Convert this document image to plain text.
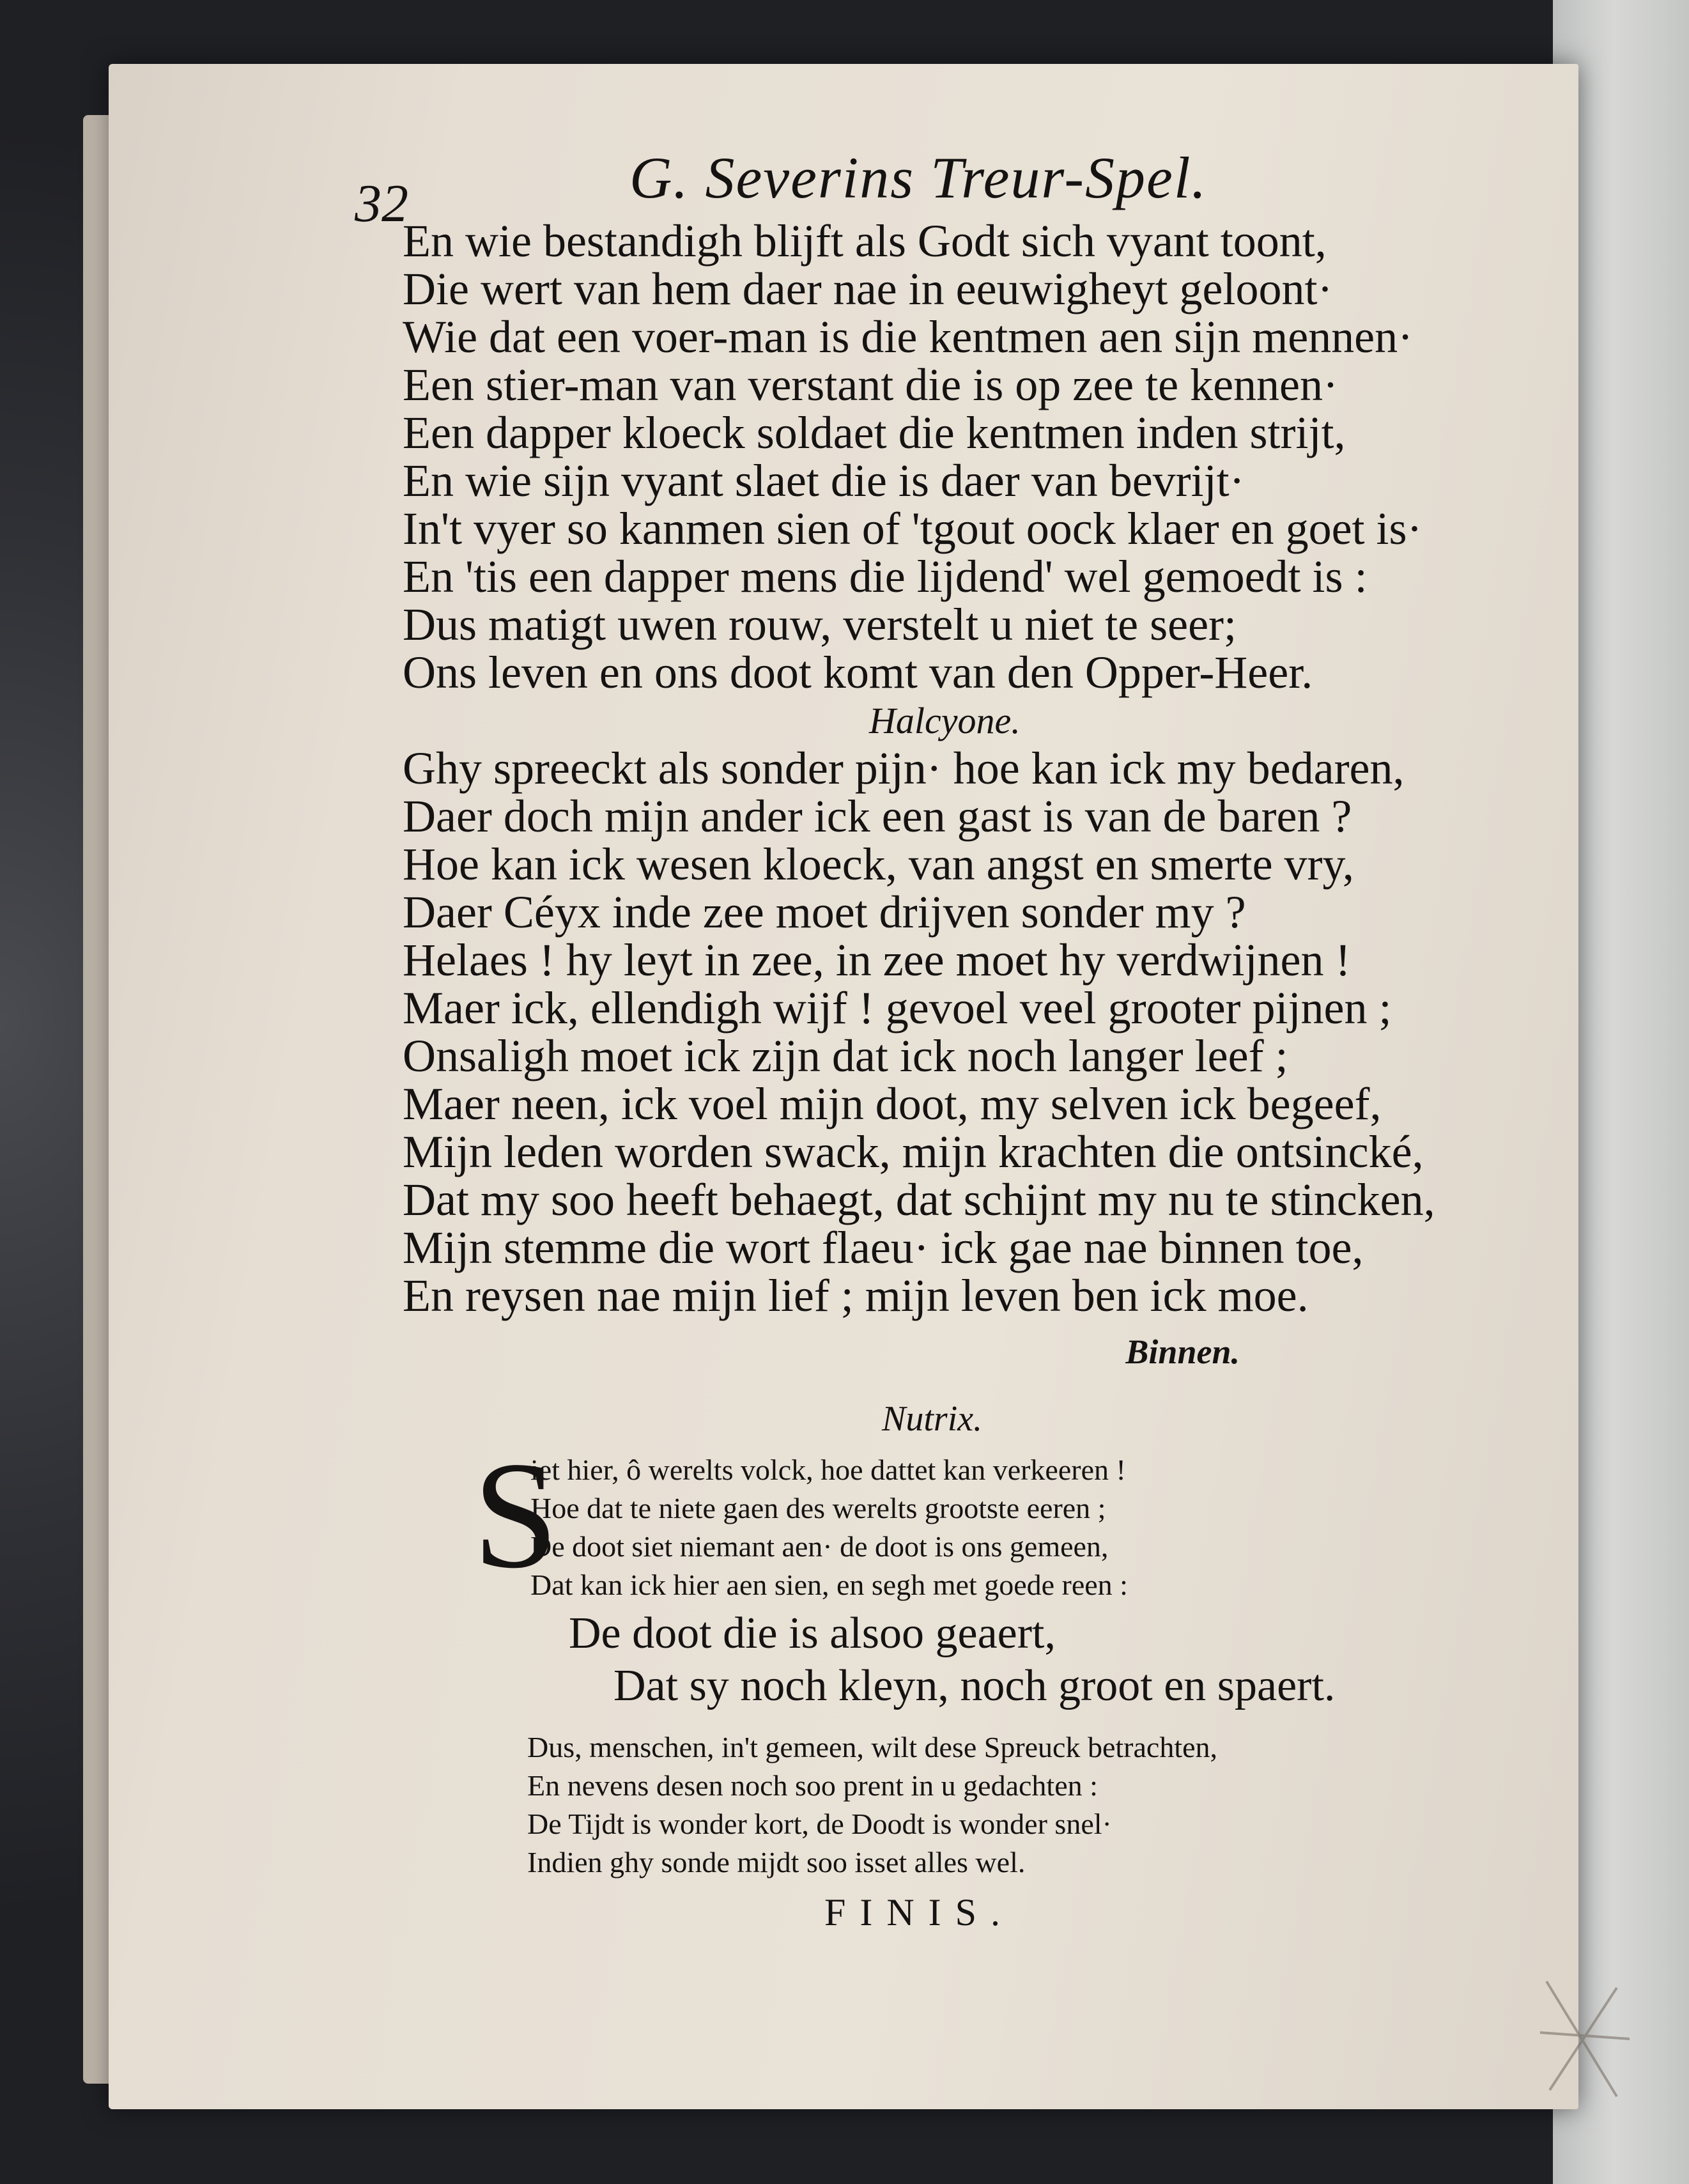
32	G. Severins Treur-Spel.
En wie bestandigh blijft als Godt sich vyant toont,
Die wert van hem daer nae in eeuwigheyt geloont·
Wie dat een voer-man is die kentmen aen sijn mennen·
Een stier-man van verstant die is op zee te kennen·
Een dapper kloeck soldaet die kentmen inden strijt,
En wie sijn vyant slaet die is daer van bevrijt·
In't vyer so kanmen sien of 'tgout oock klaer en goet is·
En 'tis een dapper mens die lijdend' wel gemoedt is :
Dus matigt uwen rouw, verstelt u niet te seer;
Ons leven en ons doot komt van den Opper-Heer.
Halcyone.
Ghy spreeckt als sonder pijn· hoe kan ick my bedaren,
Daer doch mijn ander ick een gast is van de baren ?
Hoe kan ick wesen kloeck, van angst en smerte vry,
Daer Céyx inde zee moet drijven sonder my ?
Helaes ! hy leyt in zee, in zee moet hy verdwijnen !
Maer ick, ellendigh wijf ! gevoel veel grooter pijnen ;
Onsaligh moet ick zijn dat ick noch langer leef ;
Maer neen, ick voel mijn doot, my selven ick begeef,
Mijn leden worden swack, mijn krachten die ontsincké,
Dat my soo heeft behaegt, dat schijnt my nu te stincken,
Mijn stemme die wort flaeu· ick gae nae binnen toe,
En reysen nae mijn lief ; mijn leven ben ick moe.
Binnen.
Nutrix.
S
iet hier, ô werelts volck, hoe dattet kan verkeeren !
Hoe dat te niete gaen des werelts grootste eeren ;
De doot siet niemant aen· de doot is ons gemeen,
Dat kan ick hier aen sien, en segh met goede reen :
De doot die is alsoo geaert,
Dat sy noch kleyn, noch groot en spaert.
Dus, menschen, in't gemeen, wilt dese Spreuck betrachten,
En nevens desen noch soo prent in u gedachten :
De Tijdt is wonder kort, de Doodt is wonder snel·
Indien ghy sonde mijdt soo isset alles wel.
FINIS.
